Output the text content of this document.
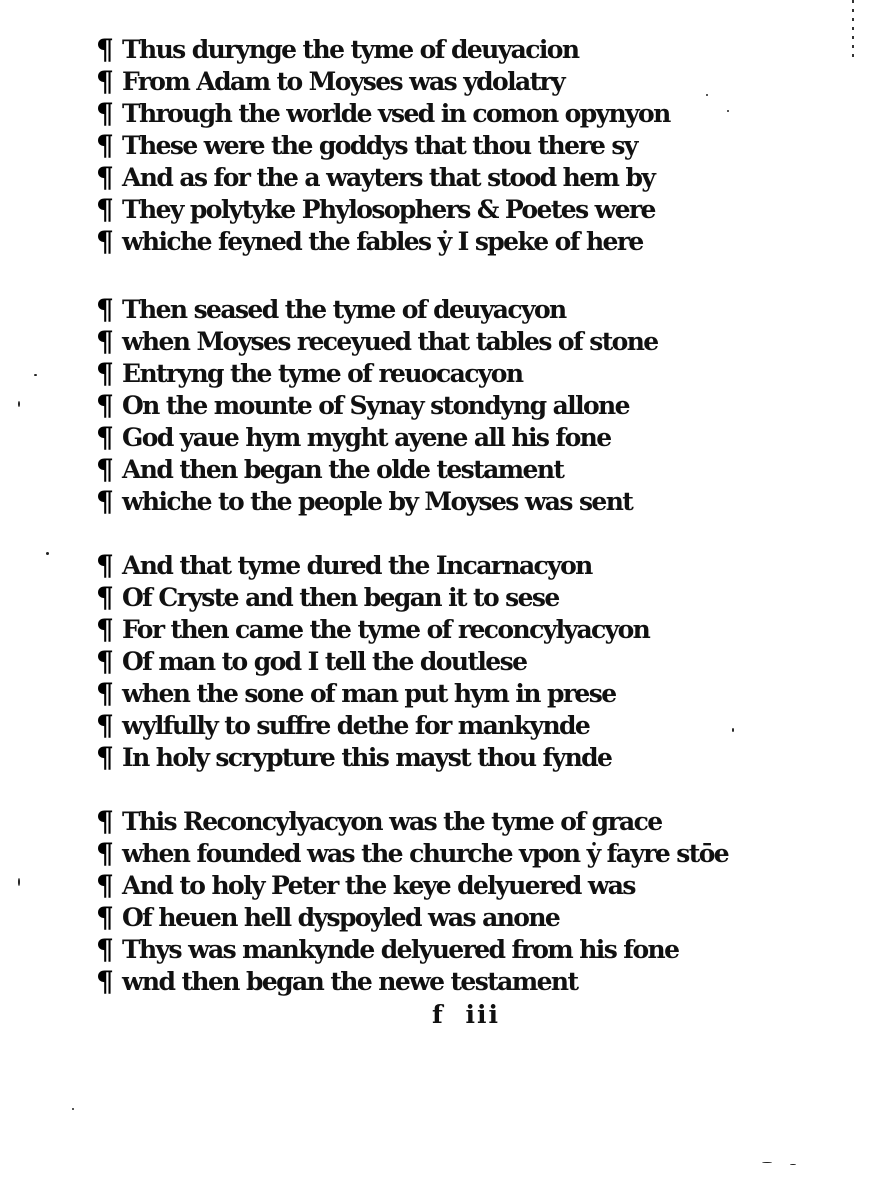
¶ Thus durynge the tyme of deuyacion
¶ From Adam to Moyses was ydolatry
¶ Through the worlde vsed in comon opynyon
¶ These were the goddys that thou there sy
¶ And as for the a wayters that stood hem by
¶ They polytyke Phylosophers & Poetes were
¶ whiche feyned the fables ẏ I speke of here
¶ Then seased the tyme of deuyacyon
¶ when Moyses receyued that tables of stone
¶ Entryng the tyme of reuocacyon
¶ On the mounte of Synay stondyng allone
¶ God yaue hym myght ayene all his fone
¶ And then began the olde testament
¶ whiche to the people by Moyses was sent
¶ And that tyme dured the Incarnacyon
¶ Of Cryste and then began it to sese
¶ For then came the tyme of reconcylyacyon
¶ Of man to god I tell the doutlese
¶ when the sone of man put hym in prese
¶ wylfully to suffre dethe for mankynde
¶ In holy scrypture this mayst thou fynde
¶ This Reconcylyacyon was the tyme of grace
¶ when founded was the churche vpon ẏ fayre stōe
¶ And to holy Peter the keye delyuered was
¶ Of heuen hell dyspoyled was anone
¶ Thys was mankynde delyuered from his fone
¶ wnd then began the newe testament
f iii
